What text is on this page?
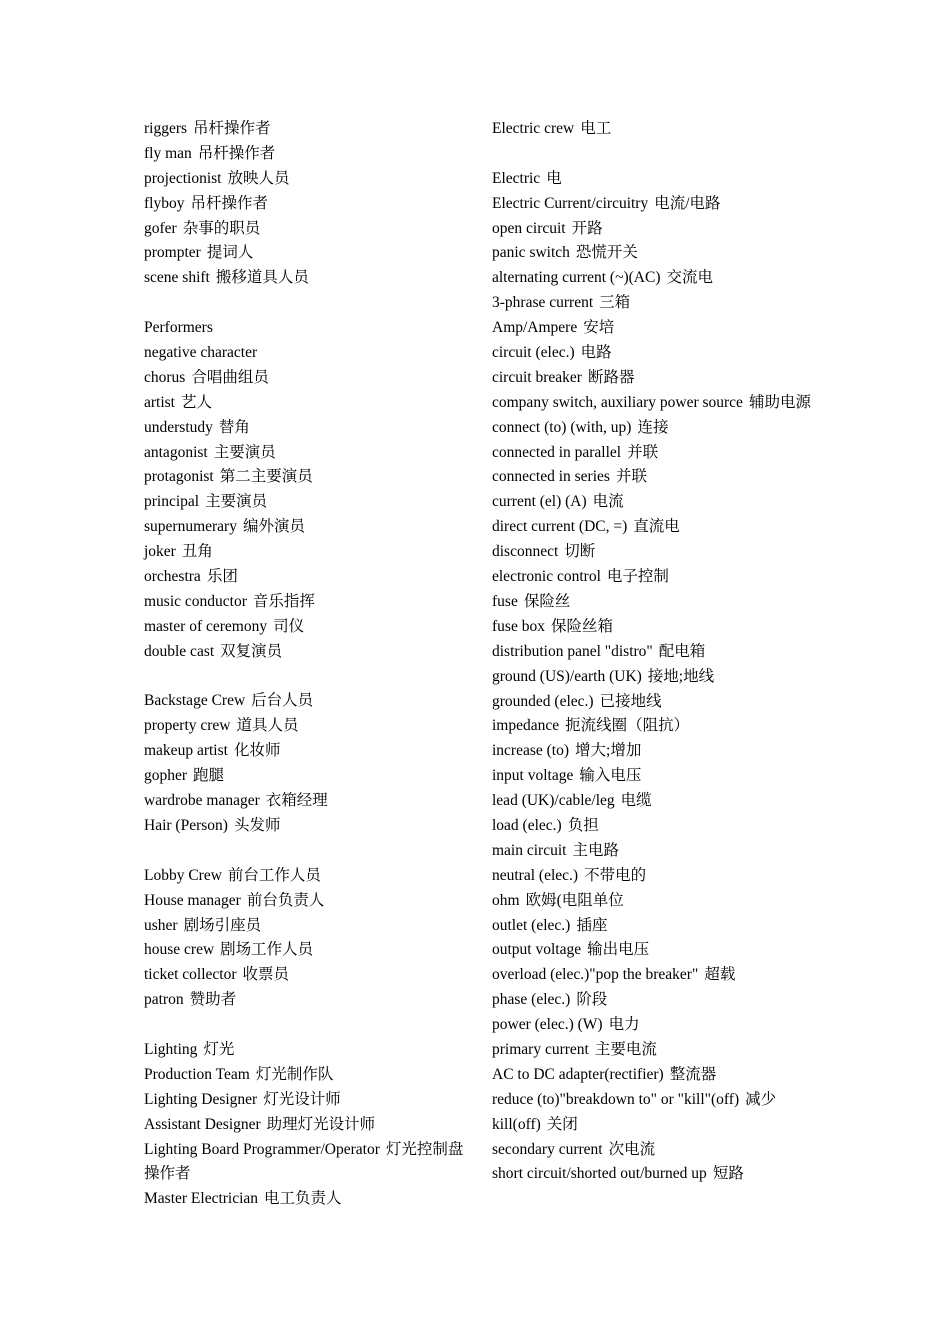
riggers 吊杆操作者
fly man 吊杆操作者
projectionist 放映人员
flyboy 吊杆操作者
gofer 杂事的职员
prompter 提词人
scene shift 搬移道具人员

Performers
negative character
chorus 合唱曲组员
artist 艺人
understudy 替角
antagonist 主要演员
protagonist 第二主要演员
principal 主要演员
supernumerary 编外演员
joker 丑角
orchestra 乐团
music conductor 音乐指挥
master of ceremony 司仪
double cast 双复演员

Backstage Crew 后台人员
property crew 道具人员
makeup artist 化妆师
gopher 跑腿
wardrobe manager 衣箱经理
Hair (Person) 头发师

Lobby Crew 前台工作人员
House manager 前台负责人
usher 剧场引座员
house crew 剧场工作人员
ticket collector 收票员
patron 赞助者

Lighting 灯光
Production Team 灯光制作队
Lighting Designer 灯光设计师
Assistant Designer 助理灯光设计师
Lighting Board Programmer/Operator 灯光控制盘操作者
Master Electrician 电工负责人
Electric crew 电工

Electric 电
Electric Current/circuitry 电流/电路
open circuit 开路
panic switch 恐慌开关
alternating current (~)(AC) 交流电
3-phrase current 三箱
Amp/Ampere 安培
circuit (elec.) 电路
circuit breaker 断路器
company switch, auxiliary power source 辅助电源
connect (to) (with, up) 连接
connected in parallel 并联
connected in series 并联
current (el) (A) 电流
direct current (DC, =) 直流电
disconnect 切断
electronic control 电子控制
fuse 保险丝
fuse box 保险丝箱
distribution panel "distro" 配电箱
ground (US)/earth (UK) 接地;地线
grounded (elec.) 已接地线
impedance 扼流线圈（阻抗）
increase (to) 增大;增加
input voltage 输入电压
lead (UK)/cable/leg 电缆
load (elec.) 负担
main circuit 主电路
neutral (elec.) 不带电的
ohm 欧姆(电阻单位
outlet (elec.) 插座
output voltage 输出电压
overload (elec.)"pop the breaker" 超载
phase (elec.) 阶段
power (elec.) (W) 电力
primary current 主要电流
AC to DC adapter(rectifier) 整流器
reduce (to)"breakdown to" or "kill"(off) 减少
kill(off) 关闭
secondary current 次电流
short circuit/shorted out/burned up 短路
